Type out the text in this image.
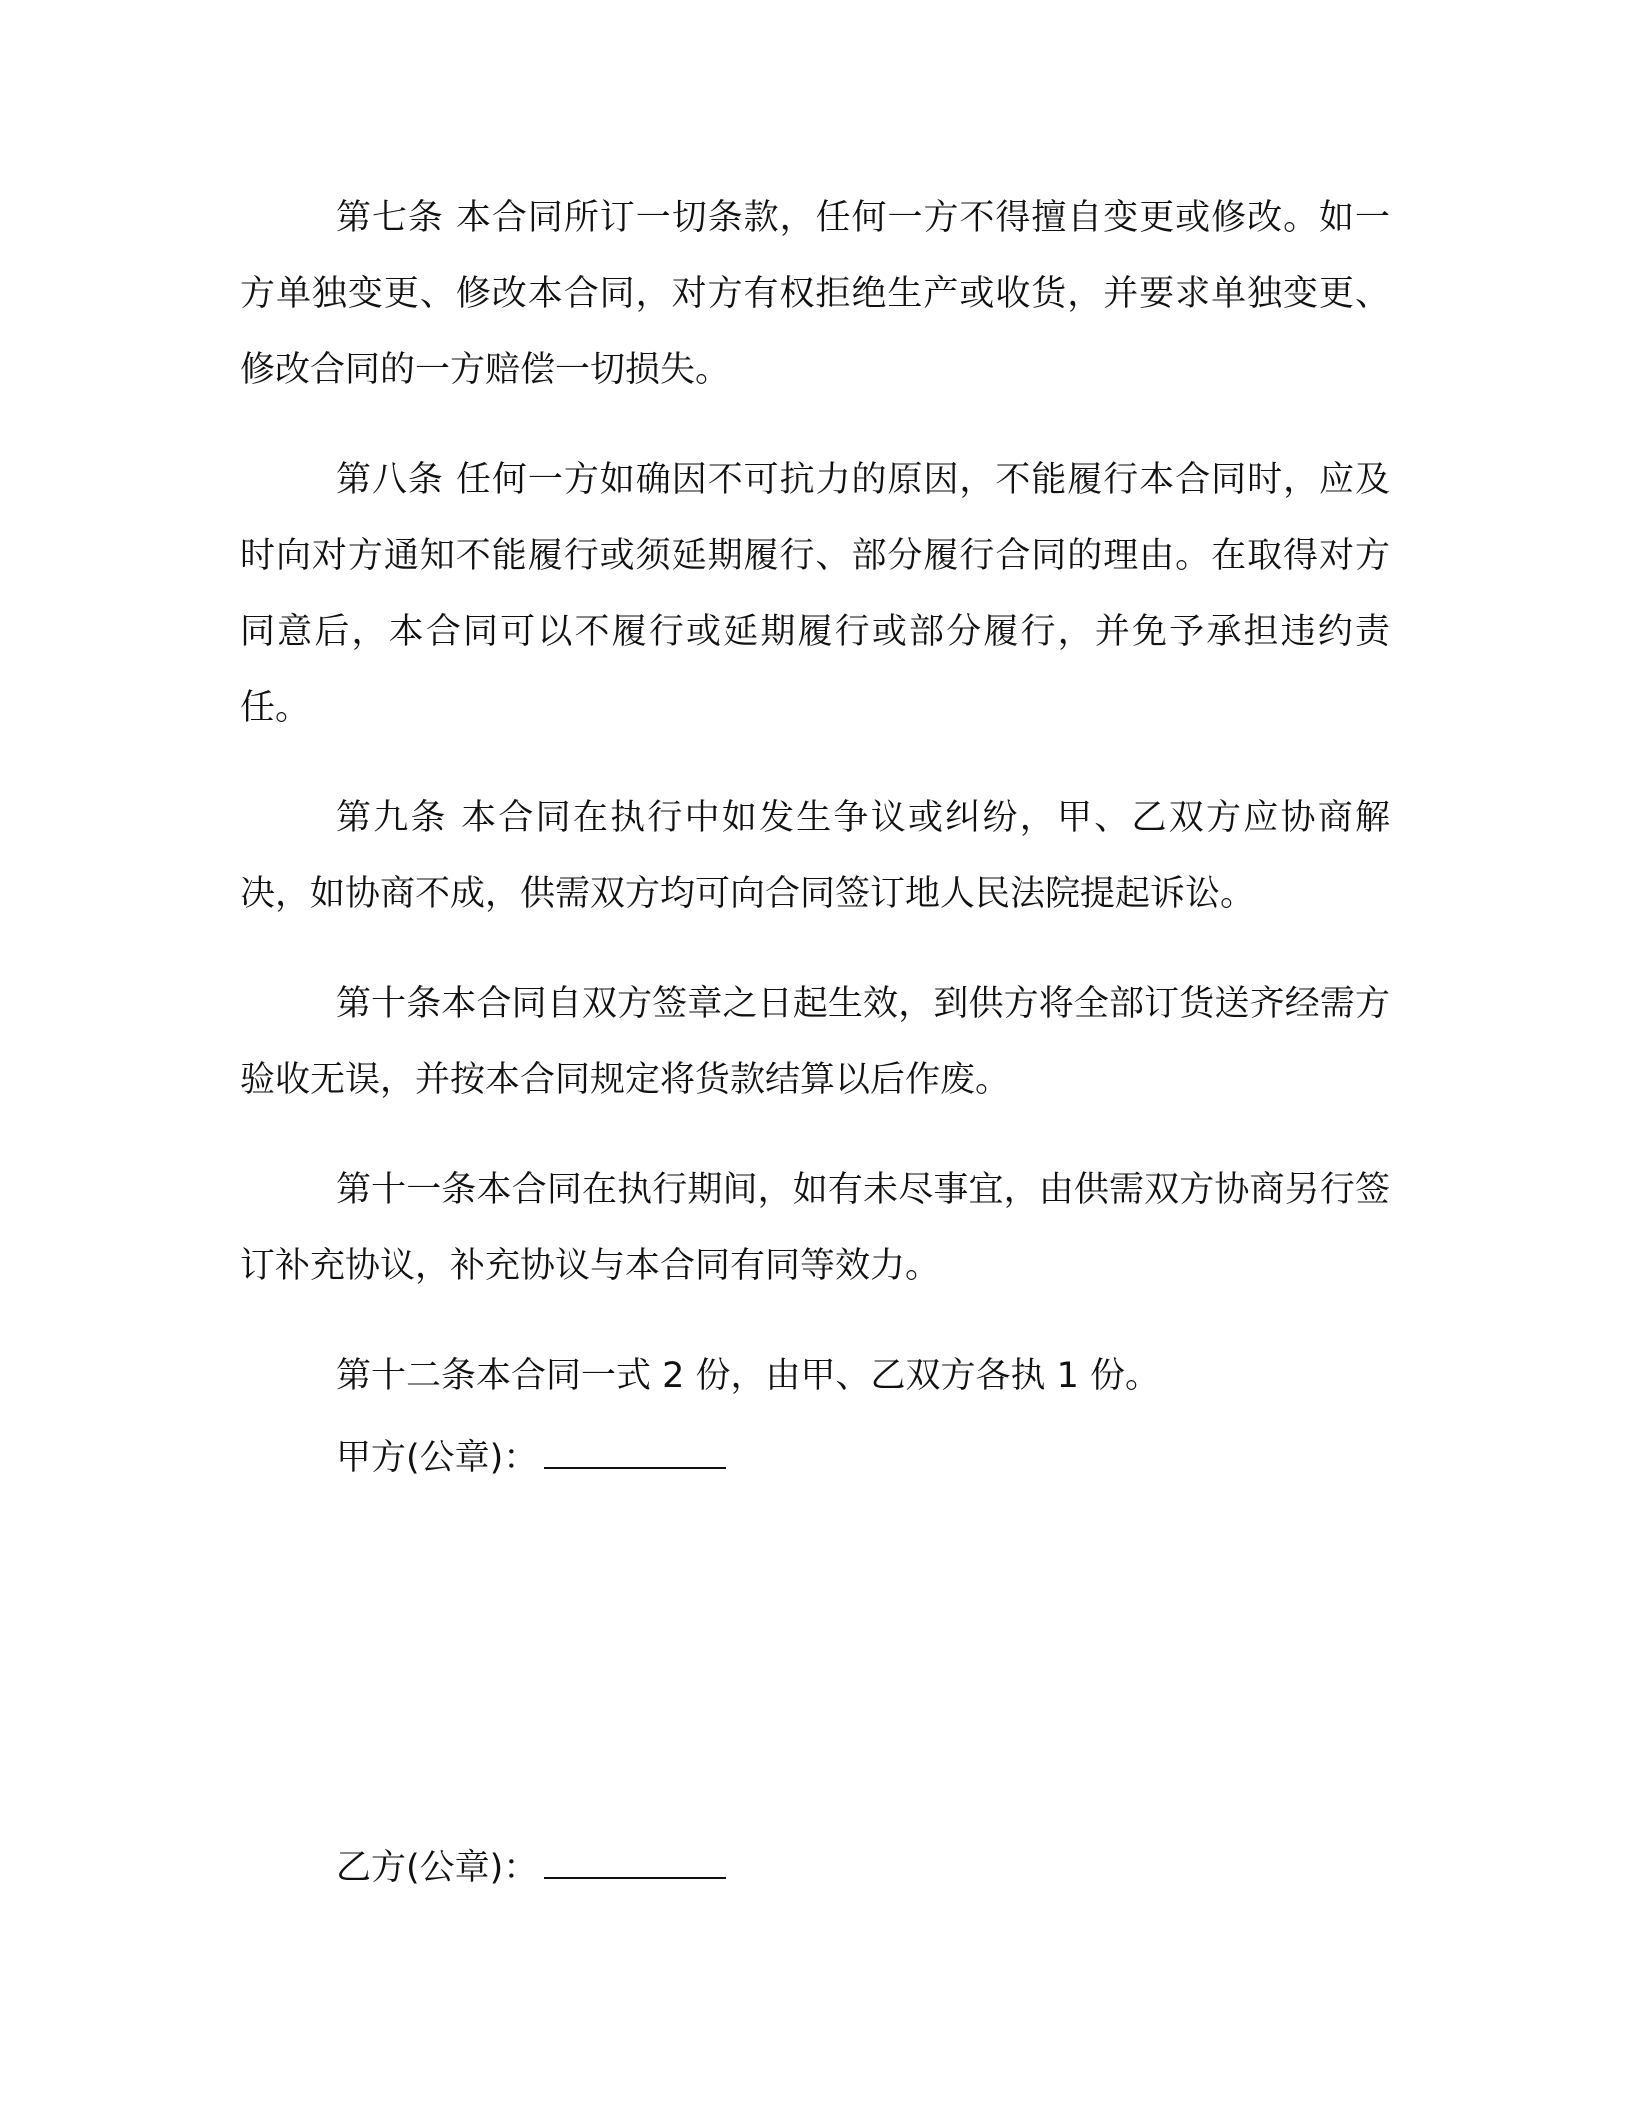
第七条 本合同所订一切条款，任何一方不得擅自变更或修改。如一方单独变更、修改本合同，对方有权拒绝生产或收货，并要求单独变更、修改合同的一方赔偿一切损失。

第八条 任何一方如确因不可抗力的原因，不能履行本合同时，应及时向对方通知不能履行或须延期履行、部分履行合同的理由。在取得对方同意后，本合同可以不履行或延期履行或部分履行，并免予承担违约责任。

第九条 本合同在执行中如发生争议或纠纷，甲、乙双方应协商解决，如协商不成，供需双方均可向合同签订地人民法院提起诉讼。

第十条本合同自双方签章之日起生效，到供方将全部订货送齐经需方验收无误，并按本合同规定将货款结算以后作废。

第十一条本合同在执行期间，如有未尽事宜，由供需双方协商另行签订补充协议，补充协议与本合同有同等效力。

第十二条本合同一式 2 份，由甲、乙双方各执 1 份。

甲方(公章)：

乙方(公章)：
